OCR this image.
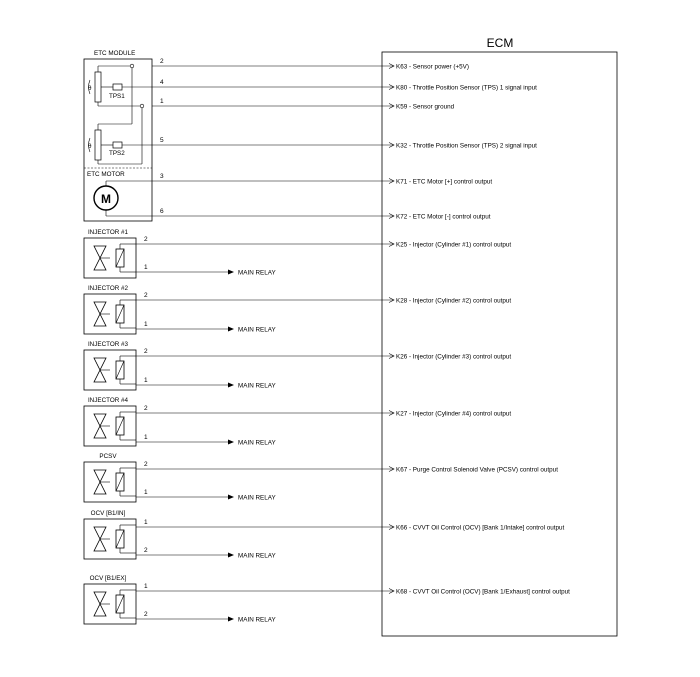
ECM
ETC MODULE
θ
TPS1
θ
TPS2
ETC MOTOR
M
INJECTOR #1
1
MAIN RELAY
INJECTOR #2
1
MAIN RELAY
INJECTOR #3
1
MAIN RELAY
INJECTOR #4
1
MAIN RELAY
PCSV
1
MAIN RELAY
OCV [B1/IN]
2
MAIN RELAY
OCV [B1/EX]
2
MAIN RELAY
2
K63 - Sensor power (+5V)
4
K80 - Throttle Position Sensor (TPS) 1 signal input
1
K59 - Sensor ground
5
K32 - Throttle Position Sensor (TPS) 2 signal input
3
K71 - ETC Motor [+] control output
6
K72 - ETC Motor [-] control output
2
K25 - Injector (Cylinder #1) control output
2
K28 - Injector (Cylinder #2) control output
2
K26 - Injector (Cylinder #3) control output
2
K27 - Injector (Cylinder #4) control output
2
K67 - Purge Control Solenoid Valve (PCSV) control output
1
K66 - CVVT Oil Control (OCV) [Bank 1/Intake] control output
1
K68 - CVVT Oil Control (OCV) [Bank 1/Exhaust] control output
